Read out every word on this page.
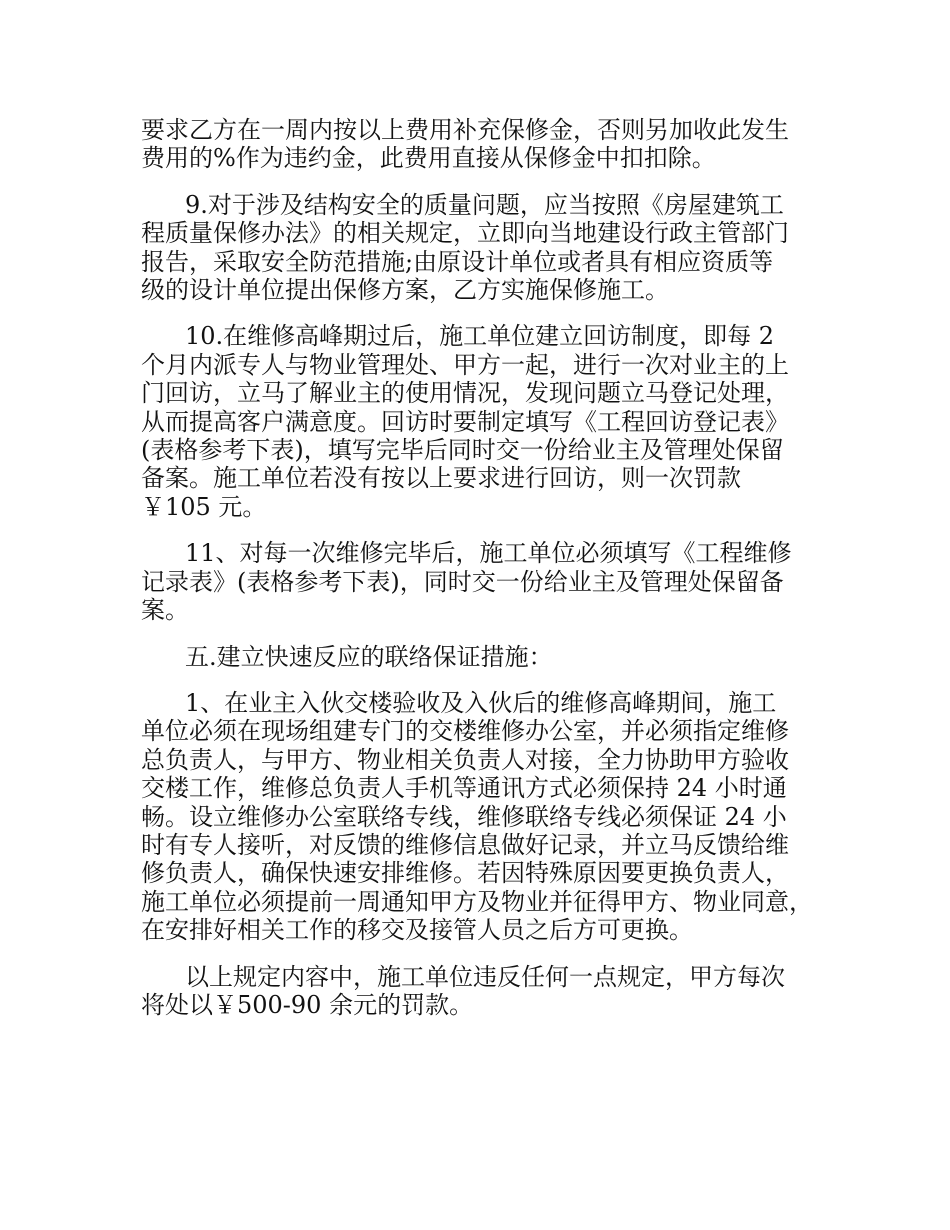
要求乙方在一周内按以上费用补充保修金，否则另加收此发生
费用的%作为违约金，此费用直接从保修金中扣扣除。

9.对于涉及结构安全的质量问题，应当按照《房屋建筑工
程质量保修办法》的相关规定，立即向当地建设行政主管部门
报告，采取安全防范措施;由原设计单位或者具有相应资质等
级的设计单位提出保修方案，乙方实施保修施工。

10.在维修高峰期过后，施工单位建立回访制度，即每 2
个月内派专人与物业管理处、甲方一起，进行一次对业主的上
门回访，立马了解业主的使用情况，发现问题立马登记处理，
从而提高客户满意度。回访时要制定填写《工程回访登记表》
(表格参考下表)，填写完毕后同时交一份给业主及管理处保留
备案。施工单位若没有按以上要求进行回访，则一次罚款
￥105 元。

11、对每一次维修完毕后，施工单位必须填写《工程维修
记录表》(表格参考下表)，同时交一份给业主及管理处保留备
案。

五.建立快速反应的联络保证措施：

1、在业主入伙交楼验收及入伙后的维修高峰期间，施工
单位必须在现场组建专门的交楼维修办公室，并必须指定维修
总负责人，与甲方、物业相关负责人对接，全力协助甲方验收
交楼工作，维修总负责人手机等通讯方式必须保持 24 小时通
畅。设立维修办公室联络专线，维修联络专线必须保证 24 小
时有专人接听，对反馈的维修信息做好记录，并立马反馈给维
修负责人，确保快速安排维修。若因特殊原因要更换负责人，
施工单位必须提前一周通知甲方及物业并征得甲方、物业同意，
在安排好相关工作的移交及接管人员之后方可更换。

以上规定内容中，施工单位违反任何一点规定，甲方每次
将处以￥500-90 余元的罚款。
